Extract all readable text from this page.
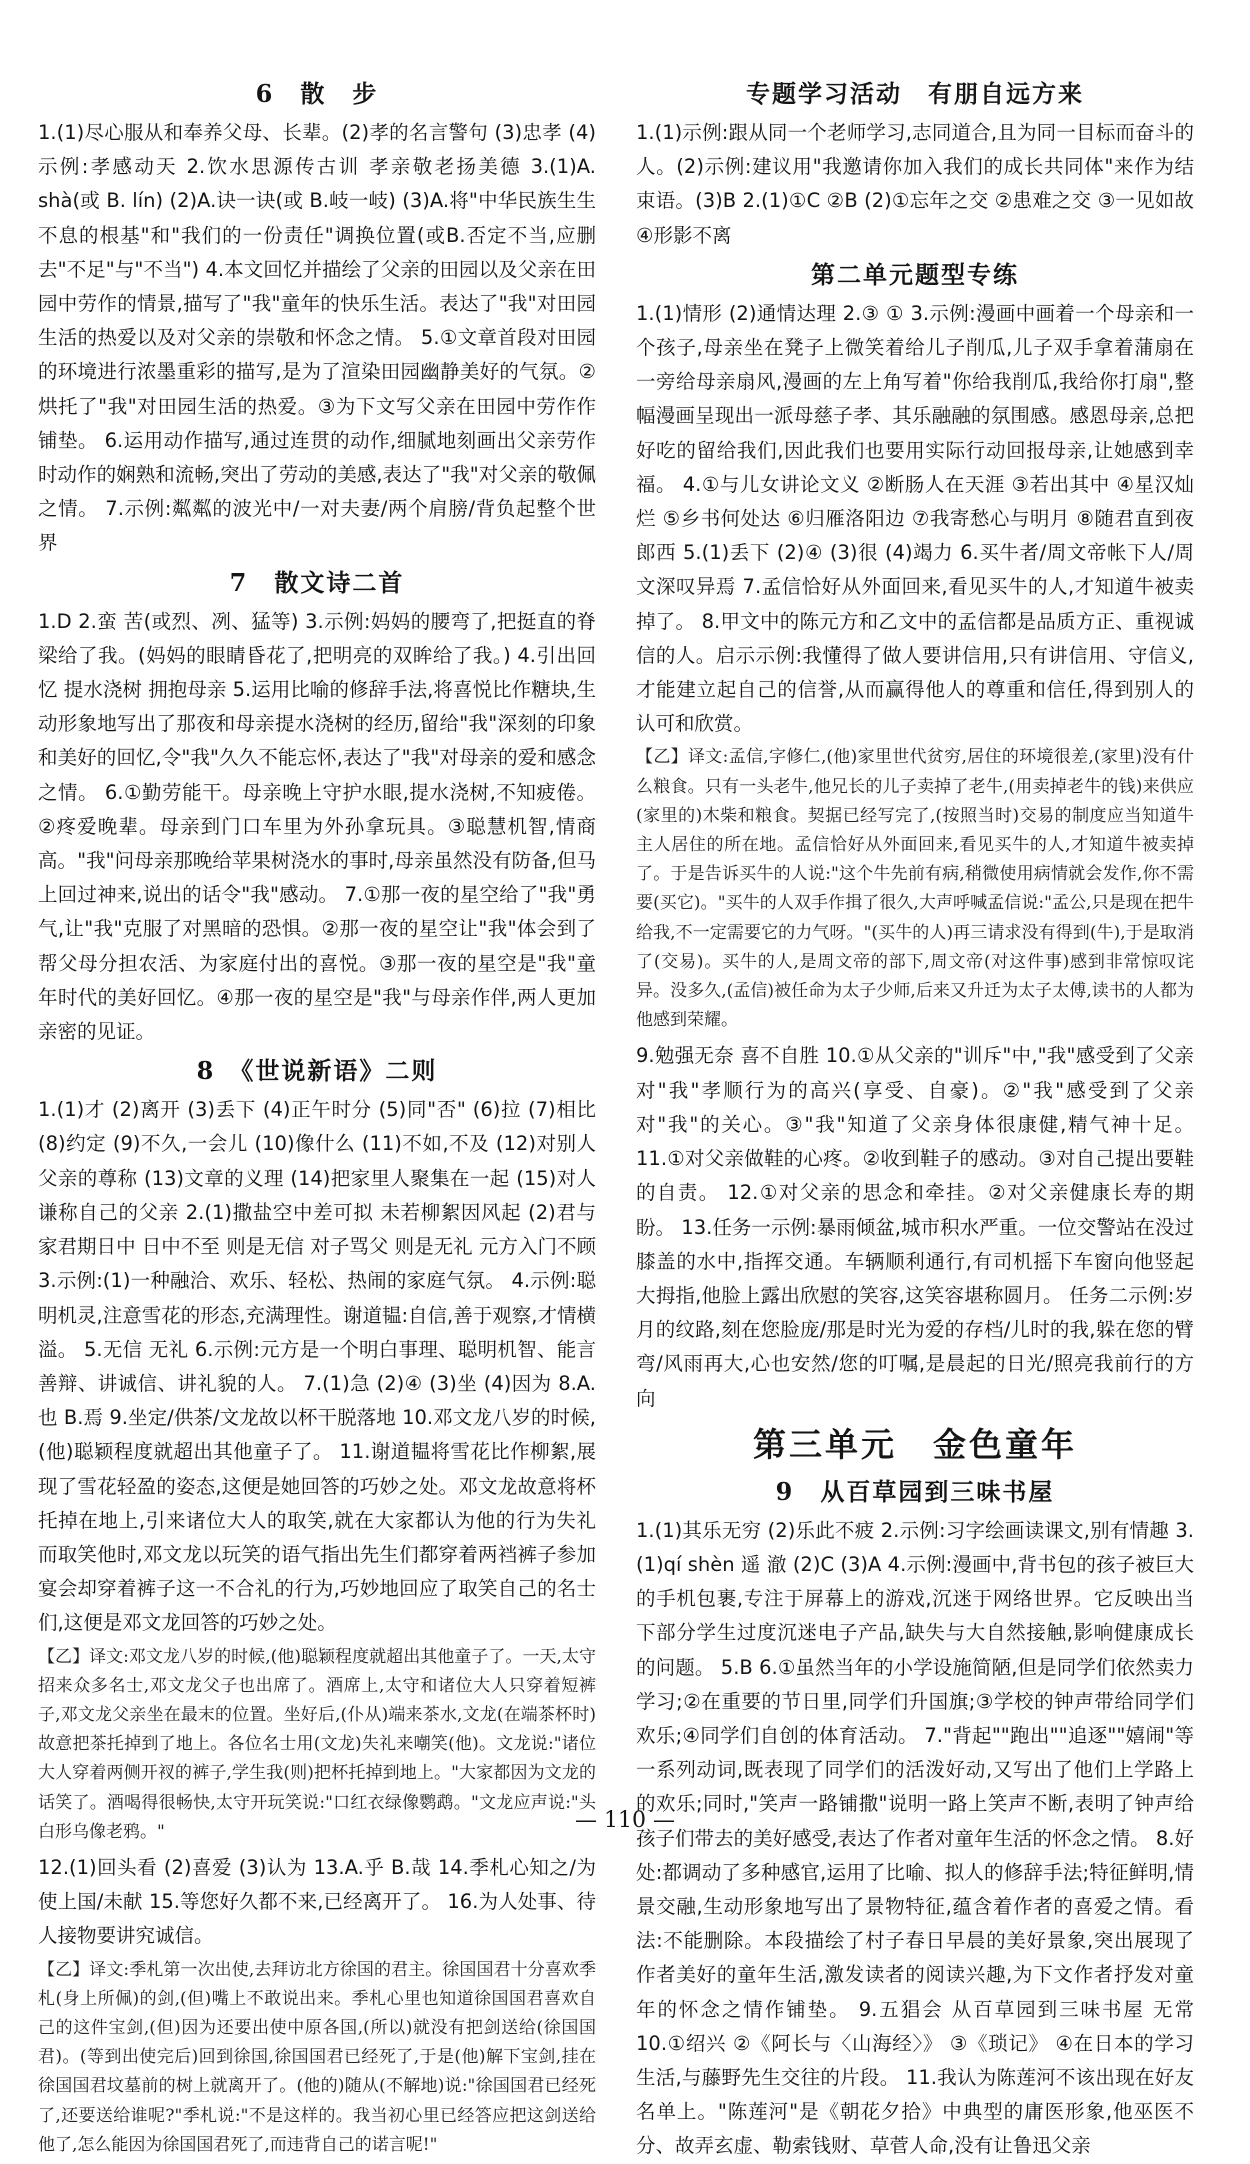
6　散　步

1.(1)尽心服从和奉养父母、长辈。(2)孝的名言警句 (3)忠孝 (4)示例:孝感动天 2.饮水思源传古训 孝亲敬老扬美德 3.(1)A. shà(或 B. lín) (2)A.诀一诀(或 B.岐一岐) (3)A.将"中华民族生生不息的根基"和"我们的一份责任"调换位置(或B.否定不当,应删去"不足"与"不当") 4.本文回忆并描绘了父亲的田园以及父亲在田园中劳作的情景,描写了"我"童年的快乐生活。表达了"我"对田园生活的热爱以及对父亲的崇敬和怀念之情。 5.①文章首段对田园的环境进行浓墨重彩的描写,是为了渲染田园幽静美好的气氛。②烘托了"我"对田园生活的热爱。③为下文写父亲在田园中劳作作铺垫。 6.运用动作描写,通过连贯的动作,细腻地刻画出父亲劳作时动作的娴熟和流畅,突出了劳动的美感,表达了"我"对父亲的敬佩之情。 7.示例:粼粼的波光中/一对夫妻/两个肩膀/背负起整个世界

7　散文诗二首

1.D 2.蛮 苦(或烈、冽、猛等) 3.示例:妈妈的腰弯了,把挺直的脊梁给了我。(妈妈的眼睛昏花了,把明亮的双眸给了我。) 4.引出回忆 提水浇树 拥抱母亲 5.运用比喻的修辞手法,将喜悦比作糖块,生动形象地写出了那夜和母亲提水浇树的经历,留给"我"深刻的印象和美好的回忆,令"我"久久不能忘怀,表达了"我"对母亲的爱和感念之情。 6.①勤劳能干。母亲晚上守护水眼,提水浇树,不知疲倦。②疼爱晚辈。母亲到门口车里为外孙拿玩具。③聪慧机智,情商高。"我"问母亲那晚给苹果树浇水的事时,母亲虽然没有防备,但马上回过神来,说出的话令"我"感动。 7.①那一夜的星空给了"我"勇气,让"我"克服了对黑暗的恐惧。②那一夜的星空让"我"体会到了帮父母分担农活、为家庭付出的喜悦。③那一夜的星空是"我"童年时代的美好回忆。④那一夜的星空是"我"与母亲作伴,两人更加亲密的见证。

8　《世说新语》二则

1.(1)才 (2)离开 (3)丢下 (4)正午时分 (5)同"否" (6)拉 (7)相比 (8)约定 (9)不久,一会儿 (10)像什么 (11)不如,不及 (12)对别人父亲的尊称 (13)文章的义理 (14)把家里人聚集在一起 (15)对人谦称自己的父亲 2.(1)撒盐空中差可拟 未若柳絮因风起 (2)君与家君期日中 日中不至 则是无信 对子骂父 则是无礼 元方入门不顾 3.示例:(1)一种融洽、欢乐、轻松、热闹的家庭气氛。 4.示例:聪明机灵,注意雪花的形态,充满理性。谢道韫:自信,善于观察,才情横溢。 5.无信 无礼 6.示例:元方是一个明白事理、聪明机智、能言善辩、讲诚信、讲礼貌的人。 7.(1)急 (2)④ (3)坐 (4)因为 8.A.也 B.焉 9.坐定/供茶/文龙故以杯干脱落地 10.邓文龙八岁的时候,(他)聪颖程度就超出其他童子了。 11.谢道韫将雪花比作柳絮,展现了雪花轻盈的姿态,这便是她回答的巧妙之处。邓文龙故意将杯托掉在地上,引来诸位大人的取笑,就在大家都认为他的行为失礼而取笑他时,邓文龙以玩笑的语气指出先生们都穿着两裆裤子参加宴会却穿着裤子这一不合礼的行为,巧妙地回应了取笑自己的名士们,这便是邓文龙回答的巧妙之处。

【乙】译文:邓文龙八岁的时候,(他)聪颖程度就超出其他童子了。一天,太守招来众多名士,邓文龙父子也出席了。酒席上,太守和诸位大人只穿着短裤子,邓文龙父亲坐在最末的位置。坐好后,(仆从)端来茶水,文龙(在端茶杯时)故意把茶托掉到了地上。各位名士用(文龙)失礼来嘲笑(他)。文龙说:"诸位大人穿着两侧开衩的裤子,学生我(则)把杯托掉到地上。"大家都因为文龙的话笑了。酒喝得很畅快,太守开玩笑说:"口红衣绿像鹦鹉。"文龙应声说:"头白形乌像老鸦。"

12.(1)回头看 (2)喜爱 (3)认为 13.A.乎 B.哉 14.季札心知之/为使上国/未献 15.等您好久都不来,已经离开了。 16.为人处事、待人接物要讲究诚信。

【乙】译文:季札第一次出使,去拜访北方徐国的君主。徐国国君十分喜欢季札(身上所佩)的剑,(但)嘴上不敢说出来。季札心里也知道徐国国君喜欢自己的这件宝剑,(但)因为还要出使中原各国,(所以)就没有把剑送给(徐国国君)。(等到出使完后)回到徐国,徐国国君已经死了,于是(他)解下宝剑,挂在徐国国君坟墓前的树上就离开了。(他的)随从(不解地)说:"徐国国君已经死了,还要送给谁呢?"季札说:"不是这样的。我当初心里已经答应把这剑送给他了,怎么能因为徐国国君死了,而违背自己的诺言呢!"

专题学习活动　有朋自远方来

1.(1)示例:跟从同一个老师学习,志同道合,且为同一目标而奋斗的人。(2)示例:建议用"我邀请你加入我们的成长共同体"来作为结束语。(3)B 2.(1)①C ②B (2)①忘年之交 ②患难之交 ③一见如故 ④形影不离

第二单元题型专练

1.(1)情形 (2)通情达理 2.③ ① 3.示例:漫画中画着一个母亲和一个孩子,母亲坐在凳子上微笑着给儿子削瓜,儿子双手拿着蒲扇在一旁给母亲扇风,漫画的左上角写着"你给我削瓜,我给你打扇",整幅漫画呈现出一派母慈子孝、其乐融融的氛围感。感恩母亲,总把好吃的留给我们,因此我们也要用实际行动回报母亲,让她感到幸福。 4.①与儿女讲论文义 ②断肠人在天涯 ③若出其中 ④星汉灿烂 ⑤乡书何处达 ⑥归雁洛阳边 ⑦我寄愁心与明月 ⑧随君直到夜郎西 5.(1)丢下 (2)④ (3)很 (4)竭力 6.买牛者/周文帝帐下人/周文深叹异焉 7.孟信恰好从外面回来,看见买牛的人,才知道牛被卖掉了。 8.甲文中的陈元方和乙文中的孟信都是品质方正、重视诚信的人。启示示例:我懂得了做人要讲信用,只有讲信用、守信义,才能建立起自己的信誉,从而赢得他人的尊重和信任,得到别人的认可和欣赏。

【乙】译文:孟信,字修仁,(他)家里世代贫穷,居住的环境很差,(家里)没有什么粮食。只有一头老牛,他兄长的儿子卖掉了老牛,(用卖掉老牛的钱)来供应(家里的)木柴和粮食。契据已经写完了,(按照当时)交易的制度应当知道牛主人居住的所在地。孟信恰好从外面回来,看见买牛的人,才知道牛被卖掉了。于是告诉买牛的人说:"这个牛先前有病,稍微使用病情就会发作,你不需要(买它)。"买牛的人双手作揖了很久,大声呼喊孟信说:"孟公,只是现在把牛给我,不一定需要它的力气呀。"(买牛的人)再三请求没有得到(牛),于是取消了(交易)。买牛的人,是周文帝的部下,周文帝(对这件事)感到非常惊叹诧异。没多久,(孟信)被任命为太子少师,后来又升迁为太子太傅,读书的人都为他感到荣耀。

9.勉强无奈 喜不自胜 10.①从父亲的"训斥"中,"我"感受到了父亲对"我"孝顺行为的高兴(享受、自豪)。②"我"感受到了父亲对"我"的关心。③"我"知道了父亲身体很康健,精气神十足。 11.①对父亲做鞋的心疼。②收到鞋子的感动。③对自己提出要鞋的自责。 12.①对父亲的思念和牵挂。②对父亲健康长寿的期盼。 13.任务一示例:暴雨倾盆,城市积水严重。一位交警站在没过膝盖的水中,指挥交通。车辆顺利通行,有司机摇下车窗向他竖起大拇指,他脸上露出欣慰的笑容,这笑容堪称圆月。 任务二示例:岁月的纹路,刻在您脸庞/那是时光为爱的存档/儿时的我,躲在您的臂弯/风雨再大,心也安然/您的叮嘱,是晨起的日光/照亮我前行的方向

第三单元　金色童年
9　从百草园到三味书屋

1.(1)其乐无穷 (2)乐此不疲 2.示例:习字绘画读课文,别有情趣 3.(1)qí shèn 遥 澈 (2)C (3)A 4.示例:漫画中,背书包的孩子被巨大的手机包裹,专注于屏幕上的游戏,沉迷于网络世界。它反映出当下部分学生过度沉迷电子产品,缺失与大自然接触,影响健康成长的问题。 5.B 6.①虽然当年的小学设施简陋,但是同学们依然卖力学习;②在重要的节日里,同学们升国旗;③学校的钟声带给同学们欢乐;④同学们自创的体育活动。 7."背起""跑出""追逐""嬉闹"等一系列动词,既表现了同学们的活泼好动,又写出了他们上学路上的欢乐;同时,"笑声一路铺撒"说明一路上笑声不断,表明了钟声给孩子们带去的美好感受,表达了作者对童年生活的怀念之情。 8.好处:都调动了多种感官,运用了比喻、拟人的修辞手法;特征鲜明,情景交融,生动形象地写出了景物特征,蕴含着作者的喜爱之情。看法:不能删除。本段描绘了村子春日早晨的美好景象,突出展现了作者美好的童年生活,激发读者的阅读兴趣,为下文作者抒发对童年的怀念之情作铺垫。 9.五猖会 从百草园到三味书屋 无常 10.①绍兴 ②《阿长与〈山海经〉》 ③《琐记》 ④在日本的学习生活,与藤野先生交往的片段。 11.我认为陈莲河不该出现在好友名单上。"陈莲河"是《朝花夕拾》中典型的庸医形象,他巫医不分、故弄玄虚、勒索钱财、草菅人命,没有让鲁迅父亲

— 110 —
